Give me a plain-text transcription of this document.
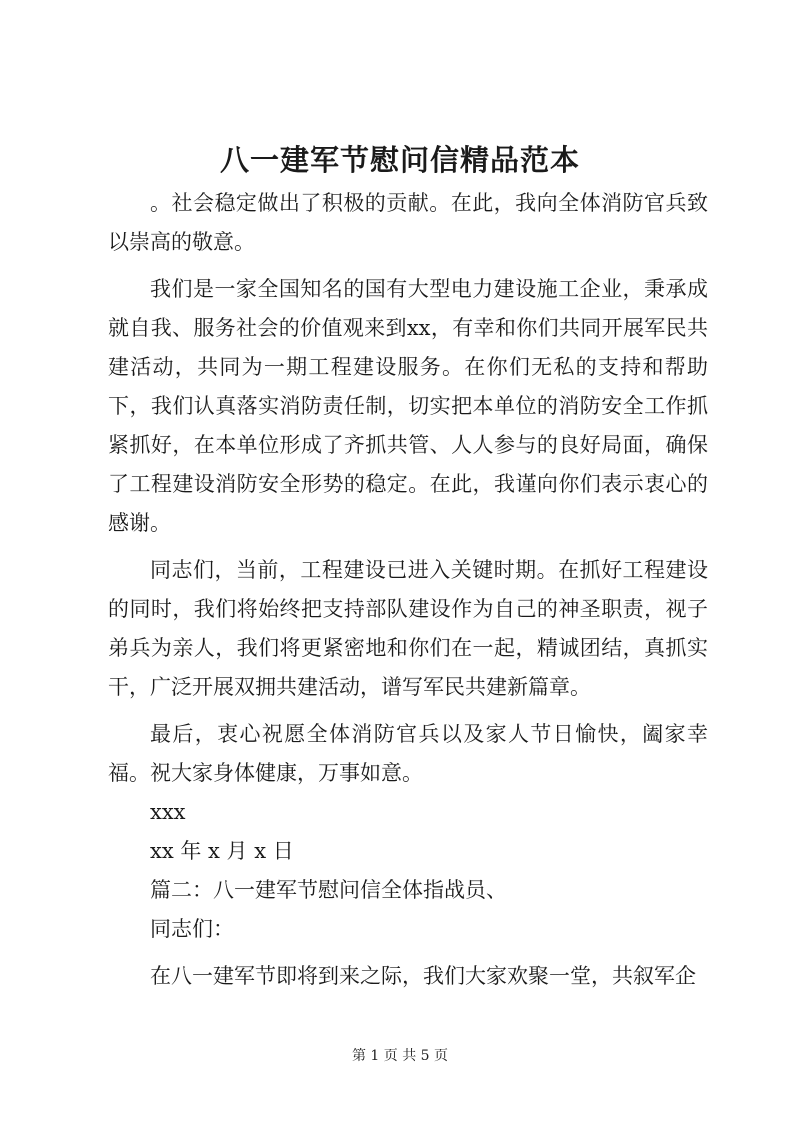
八一建军节慰问信精品范本

。社会稳定做出了积极的贡献。在此，我向全体消防官兵致以崇高的敬意。

我们是一家全国知名的国有大型电力建设施工企业，秉承成就自我、服务社会的价值观来到xx，有幸和你们共同开展军民共建活动，共同为一期工程建设服务。在你们无私的支持和帮助下，我们认真落实消防责任制，切实把本单位的消防安全工作抓紧抓好，在本单位形成了齐抓共管、人人参与的良好局面，确保了工程建设消防安全形势的稳定。在此，我谨向你们表示衷心的感谢。

同志们，当前，工程建设已进入关键时期。在抓好工程建设的同时，我们将始终把支持部队建设作为自己的神圣职责，视子弟兵为亲人，我们将更紧密地和你们在一起，精诚团结，真抓实干，广泛开展双拥共建活动，谱写军民共建新篇章。

最后，衷心祝愿全体消防官兵以及家人节日愉快，阖家幸福。祝大家身体健康，万事如意。

xxx

xx 年 x 月 x 日

篇二：八一建军节慰问信全体指战员、

同志们：

在八一建军节即将到来之际，我们大家欢聚一堂，共叙军企

第 1 页 共 5 页
